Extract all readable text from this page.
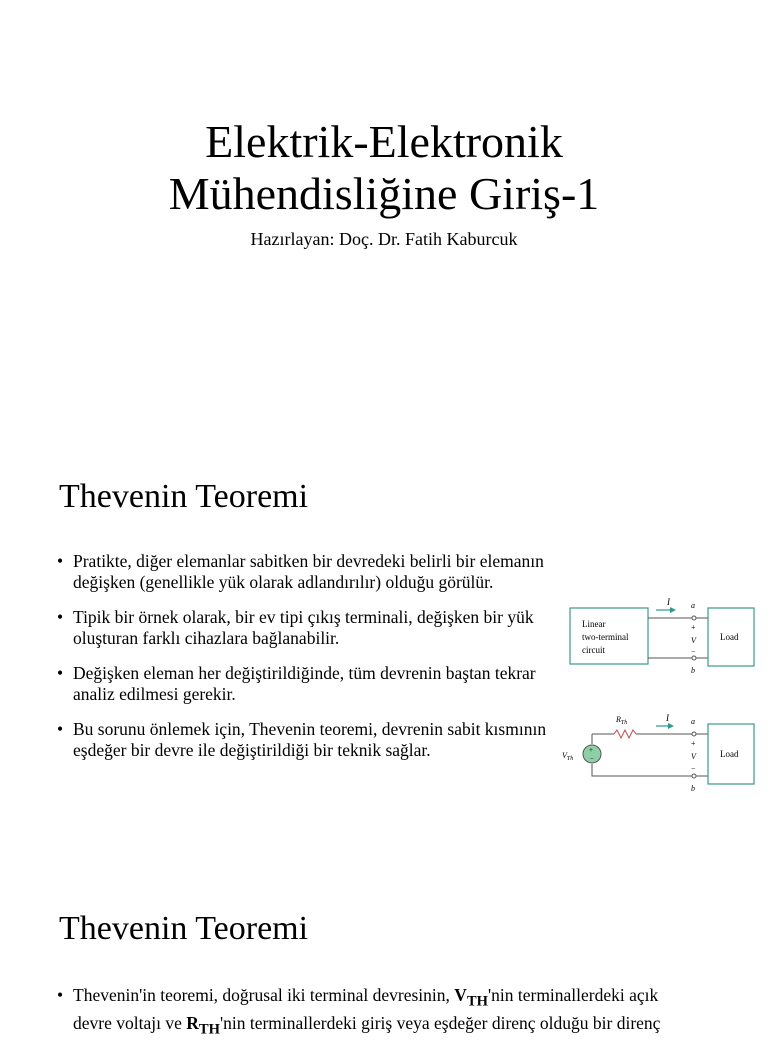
Elektrik-Elektronik
Mühendisliğine Giriş-1

Hazırlayan: Doç. Dr. Fatih Kaburcuk

Thevenin Teoremi
• Pratikte, diğer elemanlar sabitken bir devredeki belirli bir elemanın değişken (genellikle yük olarak adlandırılır) olduğu görülür.
• Tipik bir örnek olarak, bir ev tipi çıkış terminali, değişken bir yük oluşturan farklı cihazlara bağlanabilir.
• Değişken eleman her değiştirildiğinde, tüm devrenin baştan tekrar analiz edilmesi gerekir.
• Bu sorunu önlemek için, Thevenin teoremi, devrenin sabit kısmının eşdeğer bir devre ile değiştirildiği bir teknik sağlar.
Linear
two-terminal
circuit
I	a
+
V
−
b
Load
$R_{Th}$
+
−
$V_{Th}$
I	a
+
V
−
b
Load
Thevenin Teoremi
• Thevenin'in teoremi, doğrusal iki terminal devresinin, $V_{TH}'nin$ terminallerdeki açık
devre voltajı ve $R_{TH}'nin$ terminallerdeki giriş veya eşdeğer direnç olduğu bir direnç
